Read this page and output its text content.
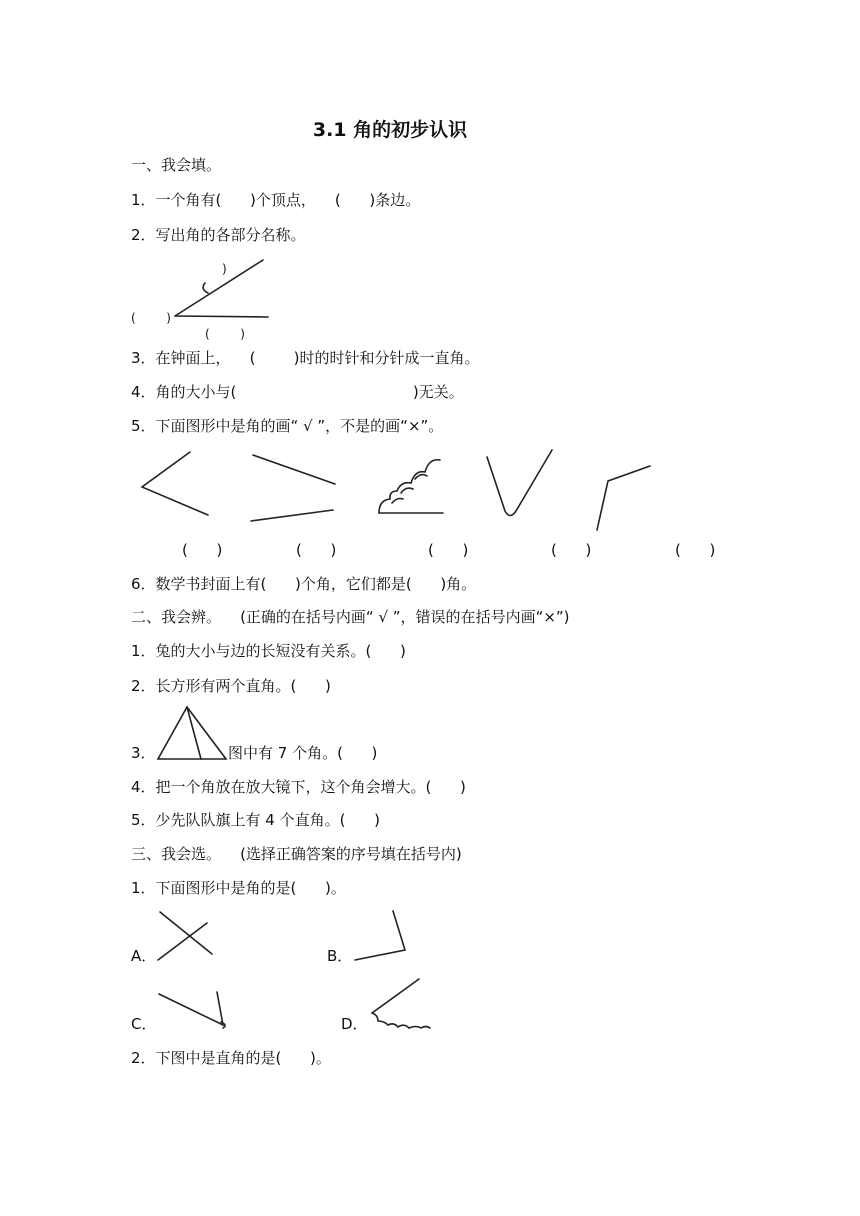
3.1 角的初步认识
一、我会填。
1．一个角有(      )个顶点，    (      )条边。
2．写出角的各部分名称。
)
(        )
(        )
3．在钟面上，    (        )时的时针和分针成一直角。
4．角的大小与(                                     )无关。
5．下面图形中是角的画“ √ ”，不是的画“×”。
(      )	(      )	(      )	(      )	(      )
6．数学书封面上有(      )个角，它们都是(      )角。
二、我会辨。    (正确的在括号内画“ √ ”，错误的在括号内画“×”)
1．兔的大小与边的长短没有关系。(      )
2．长方形有两个直角。(      )
3．	图中有 7 个角。(      )
4．把一个角放在放大镜下，这个角会增大。(      )
5．少先队队旗上有 4 个直角。(      )
三、我会选。    (选择正确答案的序号填在括号内)
1．下面图形中是角的是(      )。
A．	B．
C．	D．
2．下图中是直角的是(      )。
